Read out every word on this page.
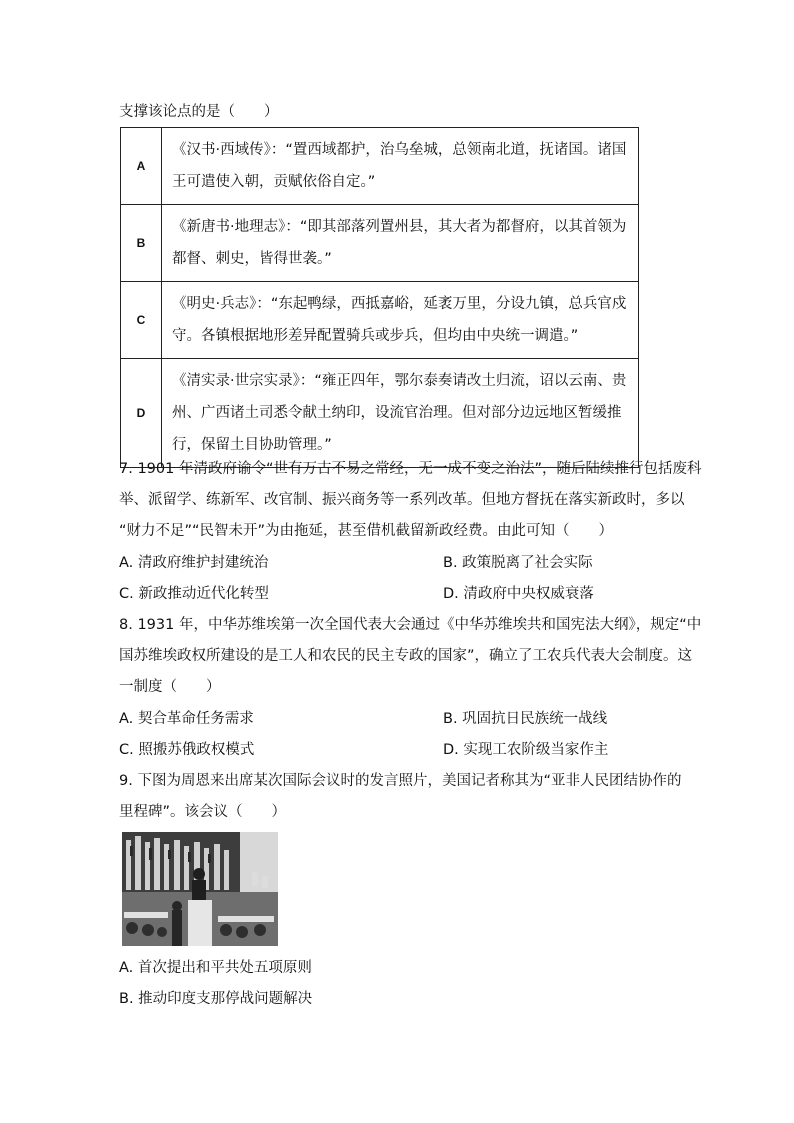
支撑该论点的是（　　）
A	《汉书·西域传》：“置西域都护，治乌垒城，总领南北道，抚诸国。诸国王可遣使入朝，贡赋依俗自定。”
B	《新唐书·地理志》：“即其部落列置州县，其大者为都督府，以其首领为都督、刺史，皆得世袭。”
C	《明史·兵志》：“东起鸭绿，西抵嘉峪，延袤万里，分设九镇，总兵官戍守。各镇根据地形差异配置骑兵或步兵，但均由中央统一调遣。”
D	《清实录·世宗实录》：“雍正四年，鄂尔泰奏请改土归流，诏以云南、贵州、广西诸土司悉令献土纳印，设流官治理。但对部分边远地区暂缓推行，保留土目协助管理。”
7. 1901 年清政府谕令“世有万古不易之常经，无一成不变之治法”，随后陆续推行包括废科
举、派留学、练新军、改官制、振兴商务等一系列改革。但地方督抚在落实新政时，多以
“财力不足”“民智未开”为由拖延，甚至借机截留新政经费。由此可知（　　）
A. 清政府维护封建统治	B. 政策脱离了社会实际
C. 新政推动近代化转型	D. 清政府中央权威衰落
8. 1931 年，中华苏维埃第一次全国代表大会通过《中华苏维埃共和国宪法大纲》，规定“中
国苏维埃政权所建设的是工人和农民的民主专政的国家”，确立了工农兵代表大会制度。这
一制度（　　）
A. 契合革命任务需求	B. 巩固抗日民族统一战线
C. 照搬苏俄政权模式	D. 实现工农阶级当家作主
9. 下图为周恩来出席某次国际会议时的发言照片，美国记者称其为“亚非人民团结协作的
里程碑”。该会议（　　）
A. 首次提出和平共处五项原则
B. 推动印度支那停战问题解决
